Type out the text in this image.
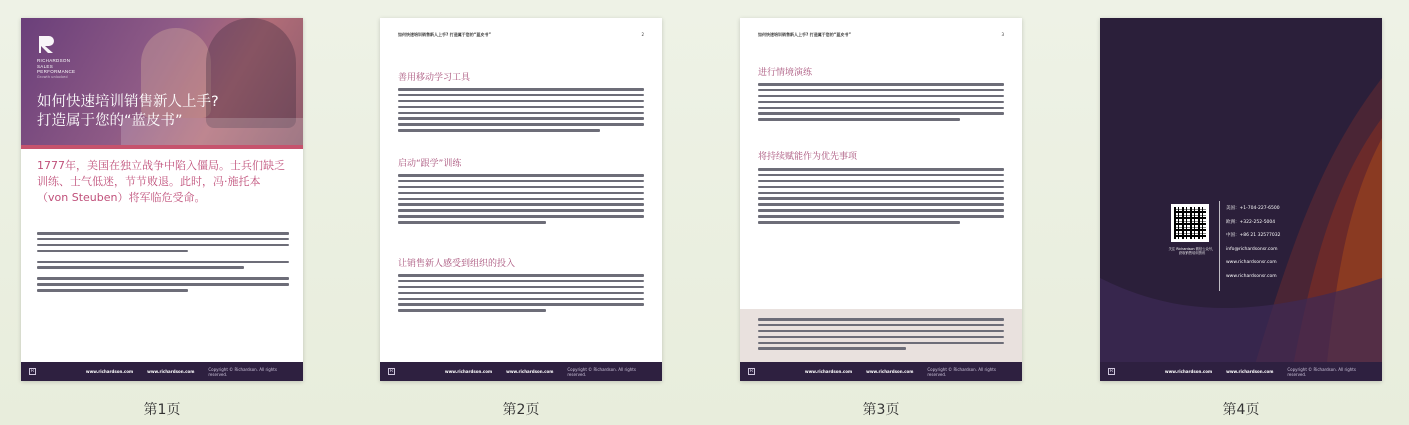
RICHARDSON
SALES
PERFORMANCE
Growth unlocked
如何快速培训销售新人上手?
打造属于您的“蓝皮书”
1777年，美国在独立战争中陷入僵局。士兵们缺乏训练、士气低迷，节节败退。此时，冯·施托本（von Steuben）将军临危受命。
R	www.richardson.com	www.richardson.com	Copyright © Richardson. All rights reserved.
如何快速培训销售新人上手? 打造属于您的“蓝皮书”	2
善用移动学习工具
启动“跟学”训练
让销售新人感受到组织的投入
R	www.richardson.com	www.richardson.com	Copyright © Richardson. All rights reserved.
如何快速培训销售新人上手? 打造属于您的“蓝皮书”	3
进行情境演练
将持续赋能作为优先事项
R	www.richardson.com	www.richardson.com	Copyright © Richardson. All rights reserved.
关注 Richardson 微信公众号，获取销售培训资讯
美国：+1-704-227-6500
欧洲：+322-252-5004
中国：+86 21 32577032
info@richardsonsr.com
www.richardsonsr.com
www.richardsonsr.com
R	www.richardson.com	www.richardson.com	Copyright © Richardson. All rights reserved.
第1页	第2页	第3页	第4页
